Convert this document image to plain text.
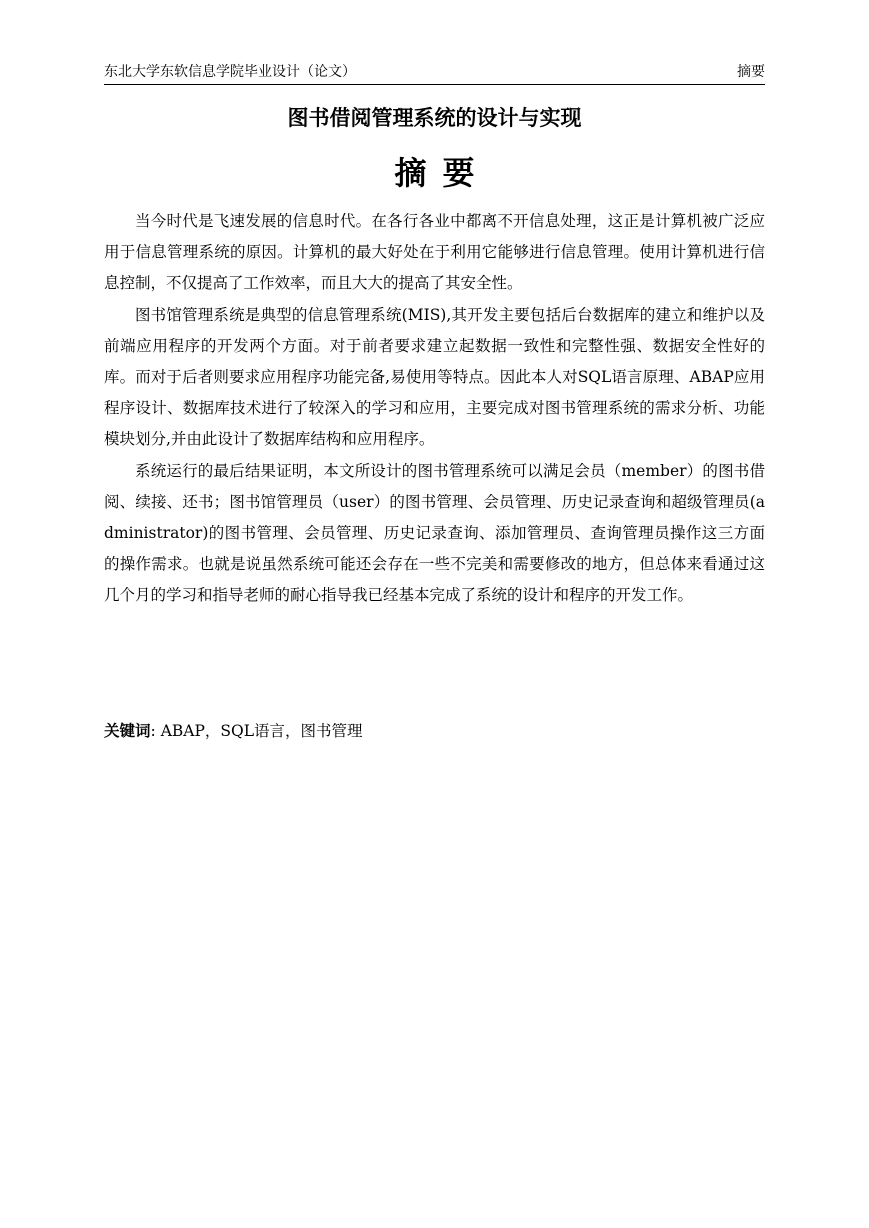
东北大学东软信息学院毕业设计（论文）	摘要
图书借阅管理系统的设计与实现
摘要

当今时代是飞速发展的信息时代。在各行各业中都离不开信息处理，这正是计算机被广泛应用于信息管理系统的原因。计算机的最大好处在于利用它能够进行信息管理。使用计算机进行信息控制，不仅提高了工作效率，而且大大的提高了其安全性。

图书馆管理系统是典型的信息管理系统(MIS),其开发主要包括后台数据库的建立和维护以及前端应用程序的开发两个方面。对于前者要求建立起数据一致性和完整性强、数据安全性好的库。而对于后者则要求应用程序功能完备,易使用等特点。因此本人对SQL语言原理、ABAP应用程序设计、数据库技术进行了较深入的学习和应用，主要完成对图书管理系统的需求分析、功能模块划分,并由此设计了数据库结构和应用程序。

系统运行的最后结果证明，本文所设计的图书管理系统可以满足会员（member）的图书借阅、续接、还书；图书馆管理员（user）的图书管理、会员管理、历史记录查询和超级管理员(administrator)的图书管理、会员管理、历史记录查询、添加管理员、查询管理员操作这三方面的操作需求。也就是说虽然系统可能还会存在一些不完美和需要修改的地方，但总体来看通过这几个月的学习和指导老师的耐心指导我已经基本完成了系统的设计和程序的开发工作。

关键词: ABAP，SQL语言，图书管理
